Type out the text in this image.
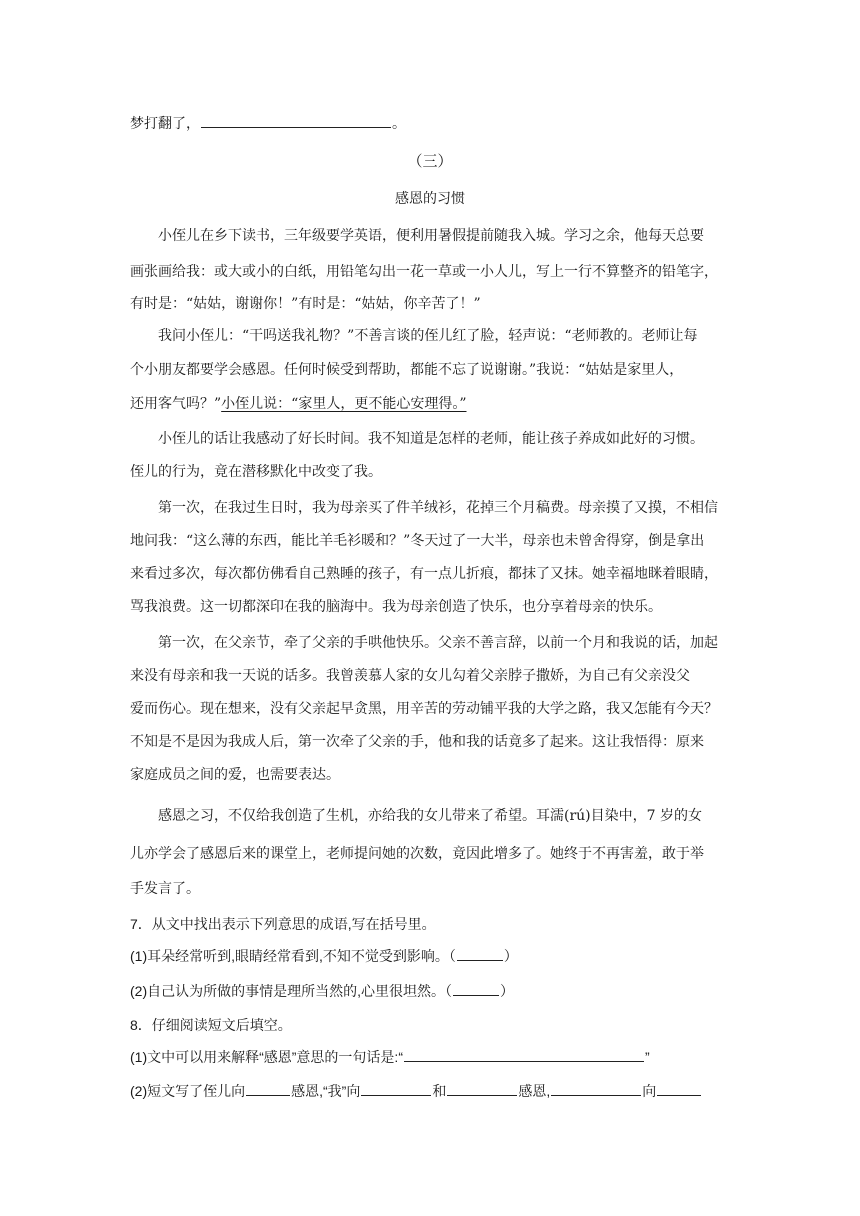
梦打翻了，	。
（三）
感恩的习惯
小侄儿在乡下读书，三年级要学英语，便利用暑假提前随我入城。学习之余，他每天总要
画张画给我：或大或小的白纸，用铅笔勾出一花一草或一小人儿，写上一行不算整齐的铅笔字，
有时是：“姑姑，谢谢你！”有时是：“姑姑，你辛苦了！”
我问小侄儿：“干吗送我礼物？”不善言谈的侄儿红了脸，轻声说：“老师教的。老师让每
个小朋友都要学会感恩。任何时候受到帮助，都能不忘了说谢谢。”我说：“姑姑是家里人，
还用客气吗？”小侄儿说：“家里人，更不能心安理得。”
小侄儿的话让我感动了好长时间。我不知道是怎样的老师，能让孩子养成如此好的习惯。
侄儿的行为，竟在潜移默化中改变了我。
第一次，在我过生日时，我为母亲买了件羊绒衫，花掉三个月稿费。母亲摸了又摸，不相信
地问我：“这么薄的东西，能比羊毛衫暖和？”冬天过了一大半，母亲也未曾舍得穿，倒是拿出
来看过多次，每次都仿佛看自己熟睡的孩子，有一点儿折痕，都抹了又抹。她幸福地眯着眼睛，
骂我浪费。这一切都深印在我的脑海中。我为母亲创造了快乐，也分享着母亲的快乐。
第一次，在父亲节，牵了父亲的手哄他快乐。父亲不善言辞，以前一个月和我说的话，加起
来没有母亲和我一天说的话多。我曾羡慕人家的女儿勾着父亲脖子撒娇，为自己有父亲没父
爱而伤心。现在想来，没有父亲起早贪黑，用辛苦的劳动铺平我的大学之路，我又怎能有今天？
不知是不是因为我成人后，第一次牵了父亲的手，他和我的话竟多了起来。这让我悟得：原来
家庭成员之间的爱，也需要表达。
感恩之习，不仅给我创造了生机，亦给我的女儿带来了希望。耳濡(rú)目染中，7 岁的女
儿亦学会了感恩后来的课堂上，老师提问她的次数，竟因此增多了。她终于不再害羞，敢于举
手发言了。
7．从文中找出表示下列意思的成语,写在括号里。
(1)耳朵经常听到,眼睛经常看到,不知不觉受到影响。（	）
(2)自己认为所做的事情是理所当然的,心里很坦然。（	）
8．仔细阅读短文后填空。
(1)文中可以用来解释“感恩”意思的一句话是:“	”
(2)短文写了侄儿向	感恩,“我”向	和	感恩,	向
